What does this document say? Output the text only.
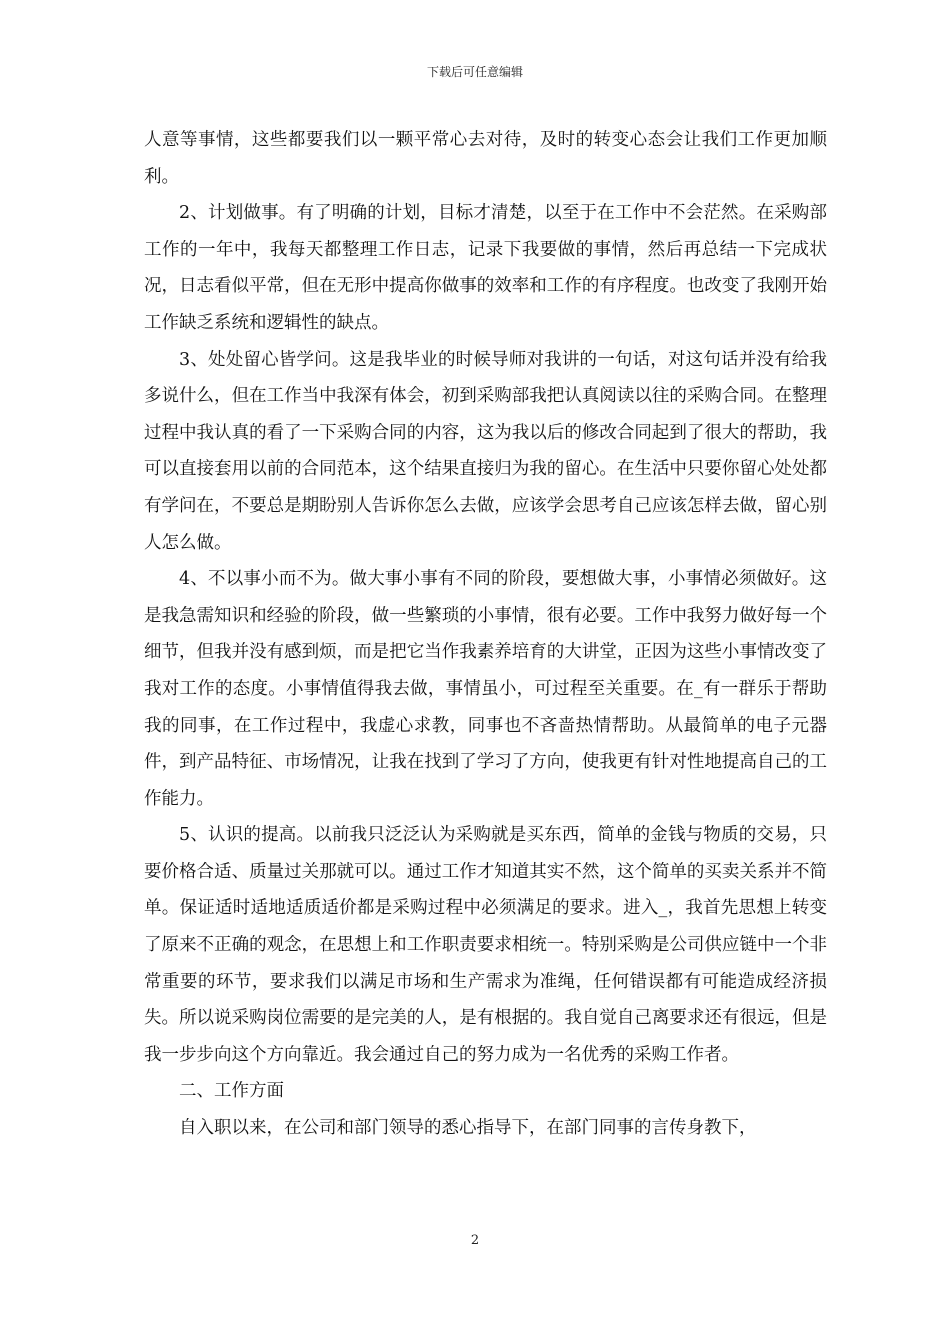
下载后可任意编辑

人意等事情，这些都要我们以一颗平常心去对待，及时的转变心态会让我们工作更加顺利。

2、计划做事。有了明确的计划，目标才清楚，以至于在工作中不会茫然。在采购部工作的一年中，我每天都整理工作日志，记录下我要做的事情，然后再总结一下完成状况，日志看似平常，但在无形中提高你做事的效率和工作的有序程度。也改变了我刚开始工作缺乏系统和逻辑性的缺点。

3、处处留心皆学问。这是我毕业的时候导师对我讲的一句话，对这句话并没有给我多说什么，但在工作当中我深有体会，初到采购部我把认真阅读以往的采购合同。在整理过程中我认真的看了一下采购合同的内容，这为我以后的修改合同起到了很大的帮助，我可以直接套用以前的合同范本，这个结果直接归为我的留心。在生活中只要你留心处处都有学问在，不要总是期盼别人告诉你怎么去做，应该学会思考自己应该怎样去做，留心别人怎么做。

4、不以事小而不为。做大事小事有不同的阶段，要想做大事，小事情必须做好。这是我急需知识和经验的阶段，做一些繁琐的小事情，很有必要。工作中我努力做好每一个细节，但我并没有感到烦，而是把它当作我素养培育的大讲堂，正因为这些小事情改变了我对工作的态度。小事情值得我去做，事情虽小，可过程至关重要。在_有一群乐于帮助我的同事，在工作过程中，我虚心求教，同事也不吝啬热情帮助。从最简单的电子元器件，到产品特征、市场情况，让我在找到了学习了方向，使我更有针对性地提高自己的工作能力。

5、认识的提高。以前我只泛泛认为采购就是买东西，简单的金钱与物质的交易，只要价格合适、质量过关那就可以。通过工作才知道其实不然，这个简单的买卖关系并不简单。保证适时适地适质适价都是采购过程中必须满足的要求。进入_，我首先思想上转变了原来不正确的观念，在思想上和工作职责要求相统一。特别采购是公司供应链中一个非常重要的环节，要求我们以满足市场和生产需求为准绳，任何错误都有可能造成经济损失。所以说采购岗位需要的是完美的人，是有根据的。我自觉自己离要求还有很远，但是我一步步向这个方向靠近。我会通过自己的努力成为一名优秀的采购工作者。

二、工作方面

自入职以来，在公司和部门领导的悉心指导下，在部门同事的言传身教下，

2
